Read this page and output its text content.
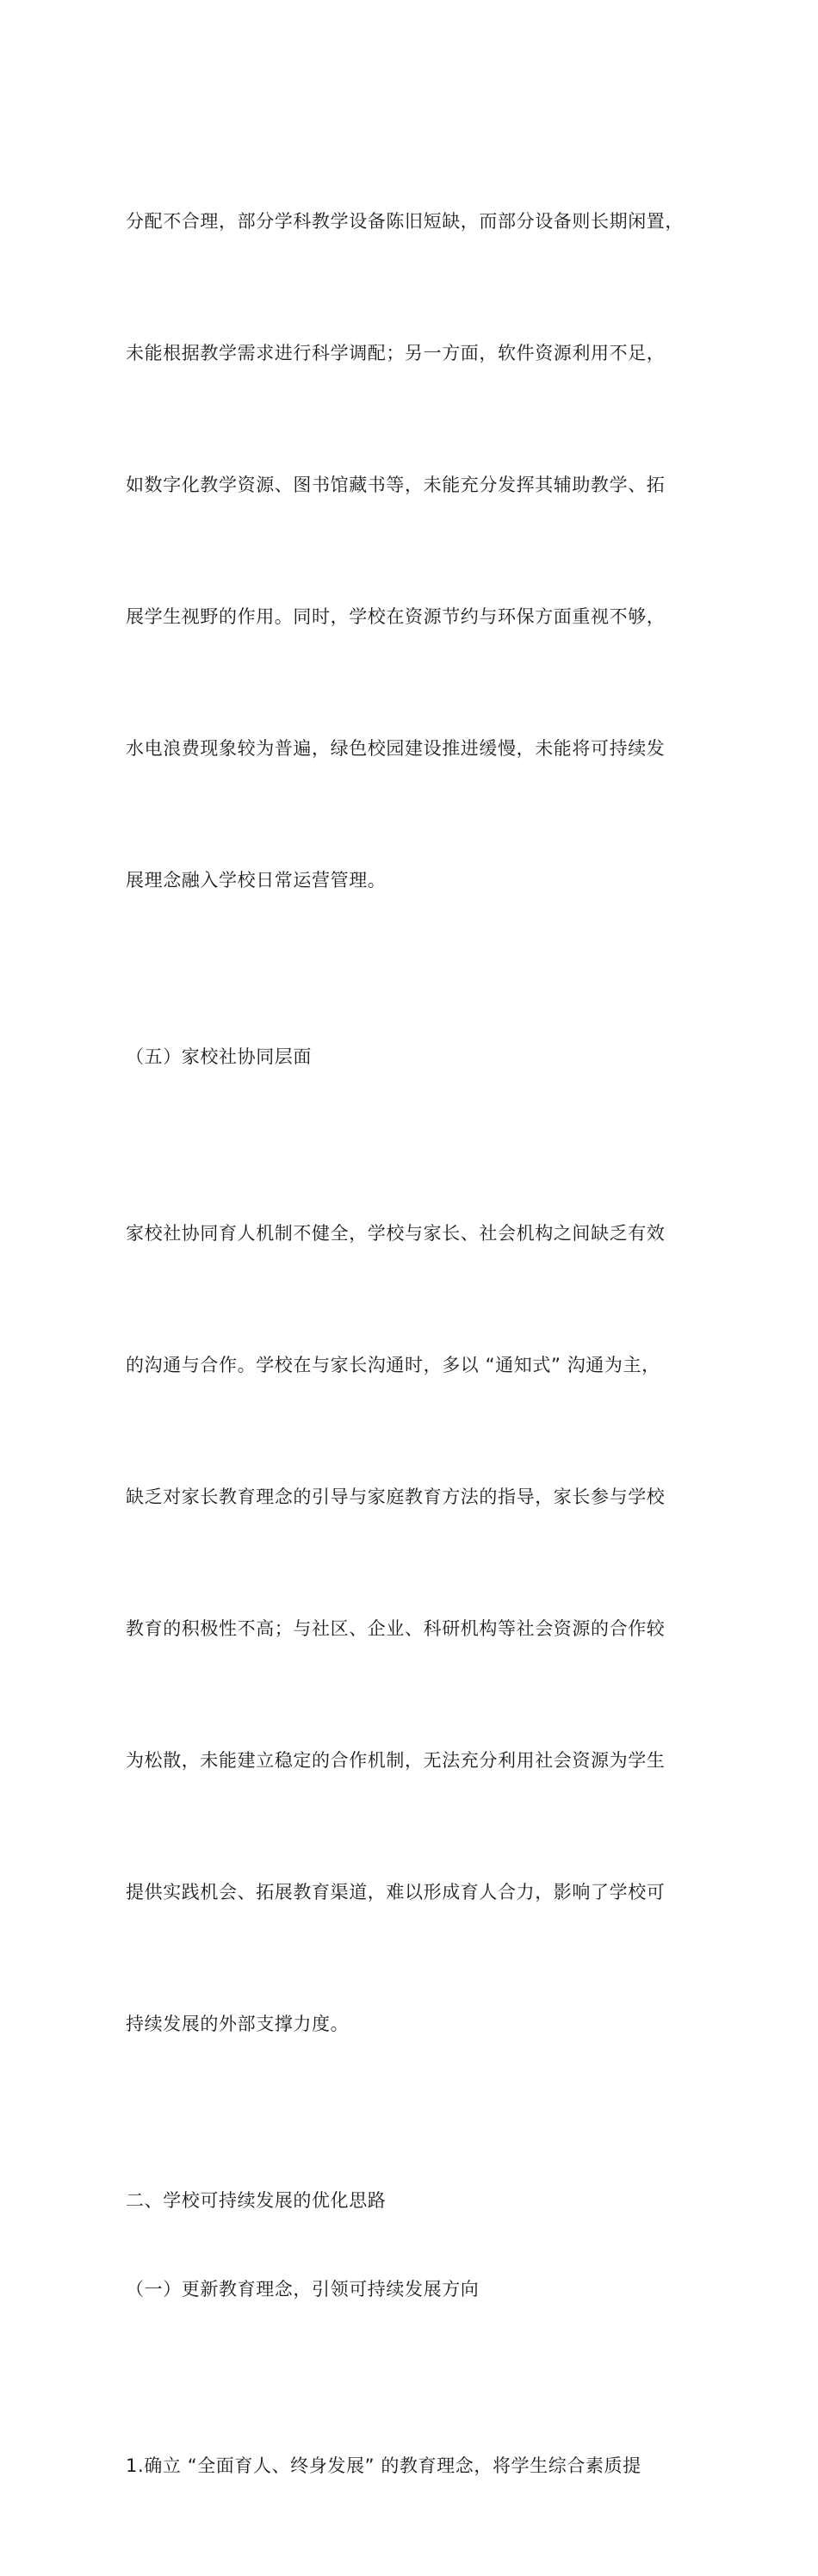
分配不合理，部分学科教学设备陈旧短缺，而部分设备则长期闲置，

未能根据教学需求进行科学调配；另一方面，软件资源利用不足，

如数字化教学资源、图书馆藏书等，未能充分发挥其辅助教学、拓

展学生视野的作用。同时，学校在资源节约与环保方面重视不够，

水电浪费现象较为普遍，绿色校园建设推进缓慢，未能将可持续发

展理念融入学校日常运营管理。

（五）家校社协同层面

家校社协同育人机制不健全，学校与家长、社会机构之间缺乏有效

的沟通与合作。学校在与家长沟通时，多以 “通知式” 沟通为主，

缺乏对家长教育理念的引导与家庭教育方法的指导，家长参与学校

教育的积极性不高；与社区、企业、科研机构等社会资源的合作较

为松散，未能建立稳定的合作机制，无法充分利用社会资源为学生

提供实践机会、拓展教育渠道，难以形成育人合力，影响了学校可

持续发展的外部支撑力度。

二、学校可持续发展的优化思路
（一）更新教育理念，引领可持续发展方向

1.确立 “全面育人、终身发展” 的教育理念，将学生综合素质提
